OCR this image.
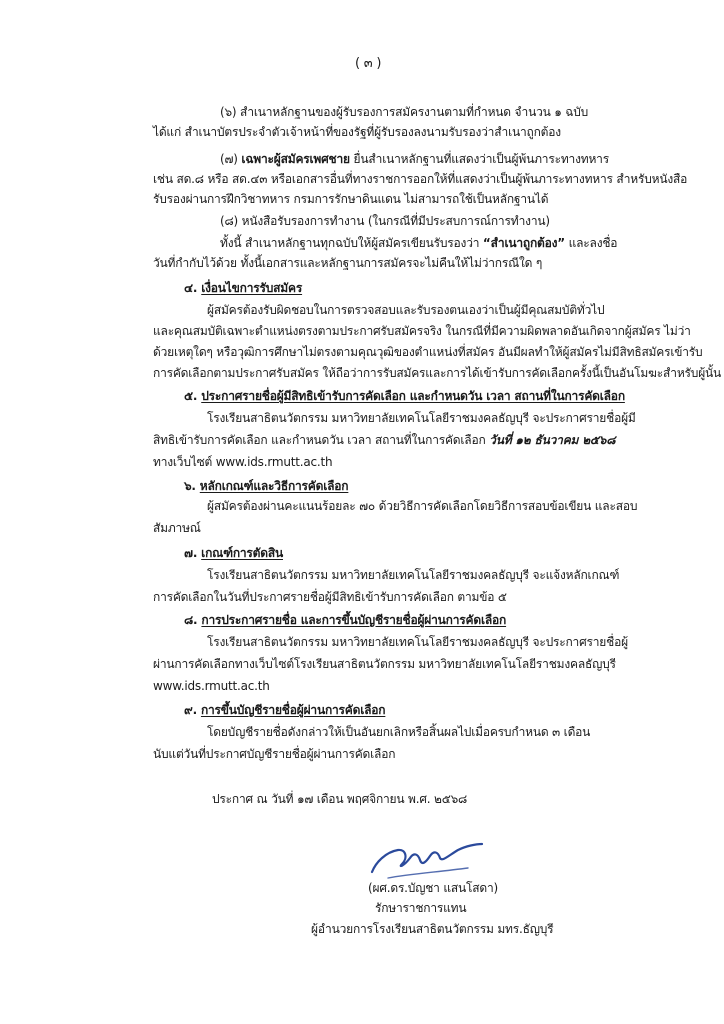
( ๓ )
(๖) สำเนาหลักฐานของผู้รับรองการสมัครงานตามที่กำหนด จำนวน ๑ ฉบับ
ได้แก่ สำเนาบัตรประจำตัวเจ้าหน้าที่ของรัฐที่ผู้รับรองลงนามรับรองว่าสำเนาถูกต้อง
(๗) เฉพาะผู้สมัครเพศชาย ยื่นสำเนาหลักฐานที่แสดงว่าเป็นผู้พ้นภาระทางทหาร
เช่น สด.๘ หรือ สด.๔๓ หรือเอกสารอื่นที่ทางราชการออกให้ที่แสดงว่าเป็นผู้พ้นภาระทางทหาร สำหรับหนังสือ
รับรองผ่านการฝึกวิชาทหาร กรมการรักษาดินแดน ไม่สามารถใช้เป็นหลักฐานได้
(๘) หนังสือรับรองการทำงาน (ในกรณีที่มีประสบการณ์การทำงาน)
ทั้งนี้ สำเนาหลักฐานทุกฉบับให้ผู้สมัครเขียนรับรองว่า “สำเนาถูกต้อง” และลงชื่อ
วันที่กำกับไว้ด้วย ทั้งนี้เอกสารและหลักฐานการสมัครจะไม่คืนให้ไม่ว่ากรณีใด ๆ
๔. เงื่อนไขการรับสมัคร
ผู้สมัครต้องรับผิดชอบในการตรวจสอบและรับรองตนเองว่าเป็นผู้มีคุณสมบัติทั่วไป
และคุณสมบัติเฉพาะตำแหน่งตรงตามประกาศรับสมัครจริง ในกรณีที่มีความผิดพลาดอันเกิดจากผู้สมัคร ไม่ว่า
ด้วยเหตุใดๆ หรือวุฒิการศึกษาไม่ตรงตามคุณวุฒิของตำแหน่งที่สมัคร อันมีผลทำให้ผู้สมัครไม่มีสิทธิสมัครเข้ารับ
การคัดเลือกตามประกาศรับสมัคร ให้ถือว่าการรับสมัครและการได้เข้ารับการคัดเลือกครั้งนี้เป็นอันโมฆะสำหรับผู้นั้น
๕. ประกาศรายชื่อผู้มีสิทธิเข้ารับการคัดเลือก และกำหนดวัน เวลา สถานที่ในการคัดเลือก
โรงเรียนสาธิตนวัตกรรม มหาวิทยาลัยเทคโนโลยีราชมงคลธัญบุรี จะประกาศรายชื่อผู้มี
สิทธิเข้ารับการคัดเลือก และกำหนดวัน เวลา สถานที่ในการคัดเลือก วันที่ ๑๒ ธันวาคม ๒๕๖๘
ทางเว็บไซต์ www.ids.rmutt.ac.th
๖. หลักเกณฑ์และวิธีการคัดเลือก
ผู้สมัครต้องผ่านคะแนนร้อยละ ๗๐ ด้วยวิธีการคัดเลือกโดยวิธีการสอบข้อเขียน และสอบ
สัมภาษณ์
๗. เกณฑ์การตัดสิน
โรงเรียนสาธิตนวัตกรรม มหาวิทยาลัยเทคโนโลยีราชมงคลธัญบุรี จะแจ้งหลักเกณฑ์
การคัดเลือกในวันที่ประกาศรายชื่อผู้มีสิทธิเข้ารับการคัดเลือก ตามข้อ ๕
๘. การประกาศรายชื่อ และการขึ้นบัญชีรายชื่อผู้ผ่านการคัดเลือก
โรงเรียนสาธิตนวัตกรรม มหาวิทยาลัยเทคโนโลยีราชมงคลธัญบุรี จะประกาศรายชื่อผู้
ผ่านการคัดเลือกทางเว็บไซต์โรงเรียนสาธิตนวัตกรรม มหาวิทยาลัยเทคโนโลยีราชมงคลธัญบุรี
www.ids.rmutt.ac.th
๙. การขึ้นบัญชีรายชื่อผู้ผ่านการคัดเลือก
โดยบัญชีรายชื่อดังกล่าวให้เป็นอันยกเลิกหรือสิ้นผลไปเมื่อครบกำหนด ๓ เดือน
นับแต่วันที่ประกาศบัญชีรายชื่อผู้ผ่านการคัดเลือก
ประกาศ ณ วันที่ ๑๗ เดือน พฤศจิกายน พ.ศ. ๒๕๖๘
(ผศ.ดร.บัญชา แสนโสดา)
รักษาราชการแทน
ผู้อำนวยการโรงเรียนสาธิตนวัตกรรม มทร.ธัญบุรี
